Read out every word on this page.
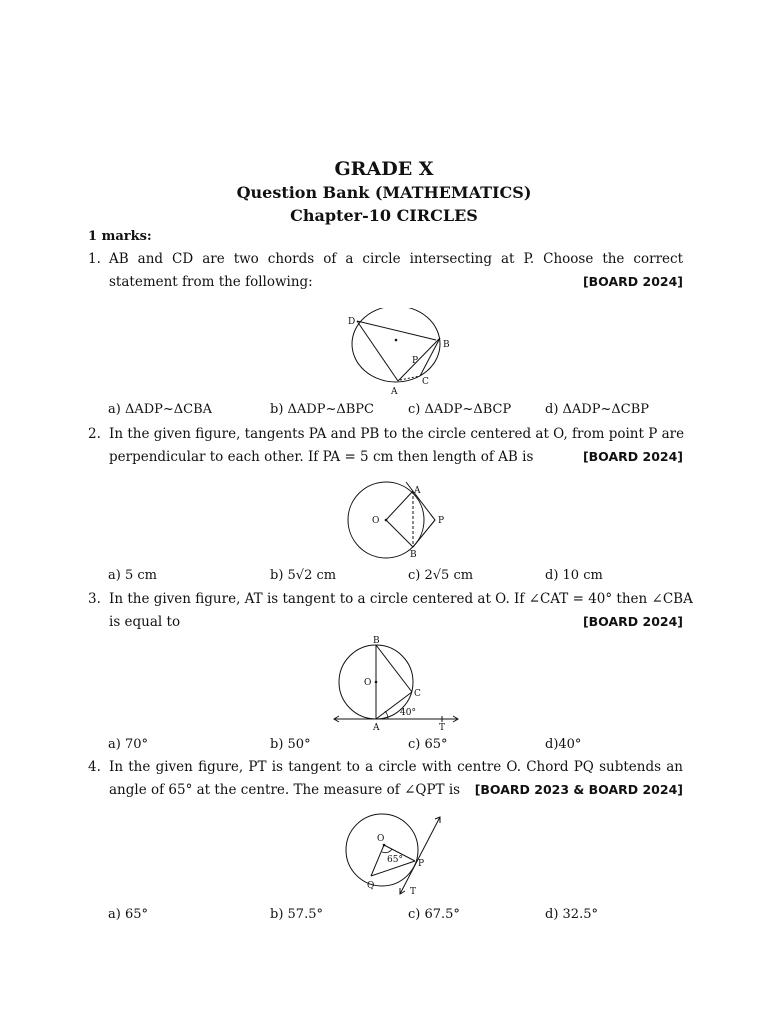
GRADE X
Question Bank (MATHEMATICS)
Chapter-10 CIRCLES
1 marks:
1. AB and CD are two chords of a circle intersecting at P. Choose the correct
statement from the following:	[BOARD 2024]
D
B
P
A
C
a) ΔADP~ΔCBA	b) ΔADP~ΔBPC	c) ΔADP~ΔBCP	d) ΔADP~ΔCBP
2. In the given figure, tangents PA and PB to the circle centered at O, from point P are
perpendicular to each other. If PA = 5 cm then length of AB is	[BOARD 2024]
A
O	P
B
a) 5 cm	b) 5√2 cm	c) 2√5 cm	d) 10 cm
3. In the given figure, AT is tangent to a circle centered at O. If ∠CAT = 40° then ∠CBA
is equal to	[BOARD 2024]
B
O
C
40°
A	T
a) 70°	b) 50°	c) 65°	d)40°
4. In the given figure, PT is tangent to a circle with centre O. Chord PQ subtends an
angle of 65° at the centre. The measure of ∠QPT is [BOARD 2023 & BOARD 2024]
O
65° P
Q
T
a) 65°	b) 57.5°	c) 67.5°	d) 32.5°
